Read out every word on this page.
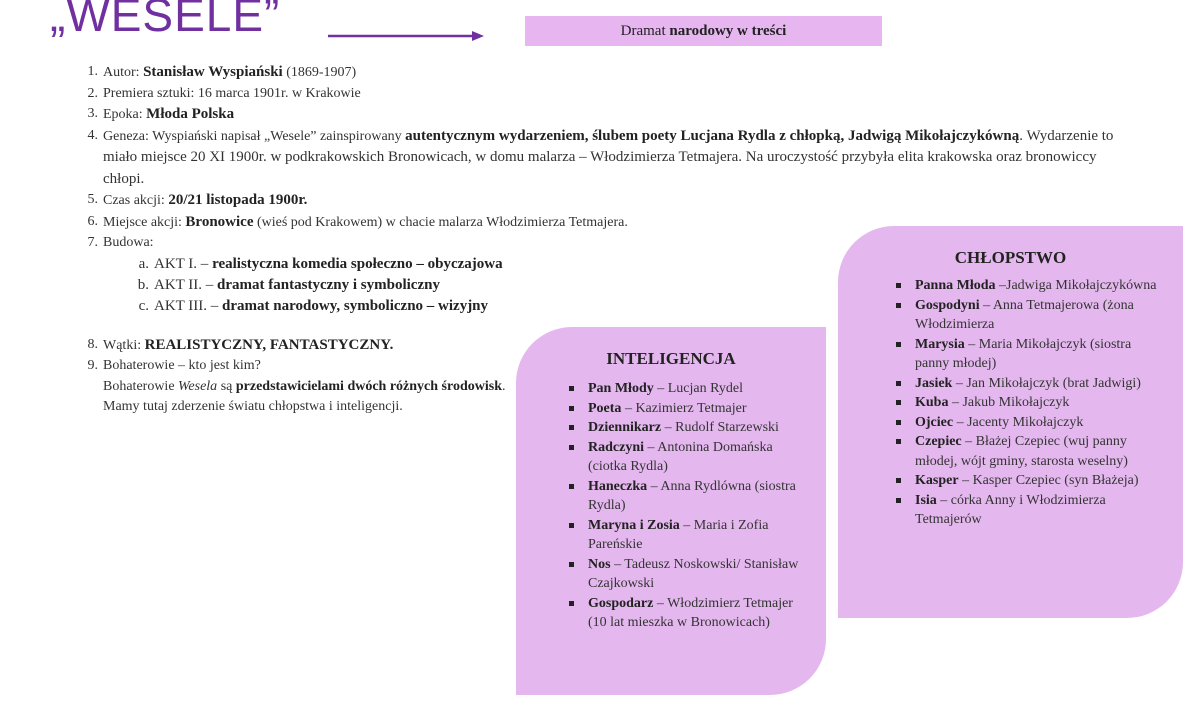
„WESELE”	Dramat narodowy w treści
1. Autor: Stanisław Wyspiański (1869-1907)
2. Premiera sztuki: 16 marca 1901r. w Krakowie
3. Epoka: Młoda Polska
4. Geneza: Wyspiański napisał „Wesele” zainspirowany autentycznym wydarzeniem, ślubem poety Lucjana Rydla z chłopką, Jadwigą Mikołajczykówną. Wydarzenie to miało miejsce 20 XI 1900r. w podkrakowskich Bronowicach, w domu malarza – Włodzimierza Tetmajera. Na uroczystość przybyła elita krakowska oraz bronowiccy chłopi.
5. Czas akcji: 20/21 listopada 1900r.
6. Miejsce akcji: Bronowice (wieś pod Krakowem) w chacie malarza Włodzimierza Tetmajera.
7. Budowa:
a. AKT I. – realistyczna komedia społeczno – obyczajowa
b. AKT II. – dramat fantastyczny i symboliczny
c. AKT III. – dramat narodowy, symboliczno – wizyjny
8. Wątki: REALISTYCZNY, FANTASTYCZNY.
9. Bohaterowie – kto jest kim?
Bohaterowie Wesela są przedstawicielami dwóch różnych środowisk. Mamy tutaj zderzenie światu chłopstwa i inteligencji.
INTELIGENCJA
Pan Młody – Lucjan Rydel
Poeta – Kazimierz Tetmajer
Dziennikarz – Rudolf Starzewski
Radczyni – Antonina Domańska (ciotka Rydla)
Haneczka – Anna Rydlówna (siostra Rydla)
Maryna i Zosia – Maria i Zofia Pareńskie
Nos – Tadeusz Noskowski/ Stanisław Czajkowski
Gospodarz – Włodzimierz Tetmajer (10 lat mieszka w Bronowicach)
CHŁOPSTWO
Panna Młoda –Jadwiga Mikołajczykówna
Gospodyni – Anna Tetmajerowa (żona Włodzimierza
Marysia – Maria Mikołajczyk (siostra panny młodej)
Jasiek – Jan Mikołajczyk (brat Jadwigi)
Kuba – Jakub Mikołajczyk
Ojciec – Jacenty Mikołajczyk
Czepiec – Błażej Czepiec (wuj panny młodej, wójt gminy, starosta weselny)
Kasper – Kasper Czepiec (syn Błażeja)
Isia – córka Anny i Włodzimierza Tetmajerów
